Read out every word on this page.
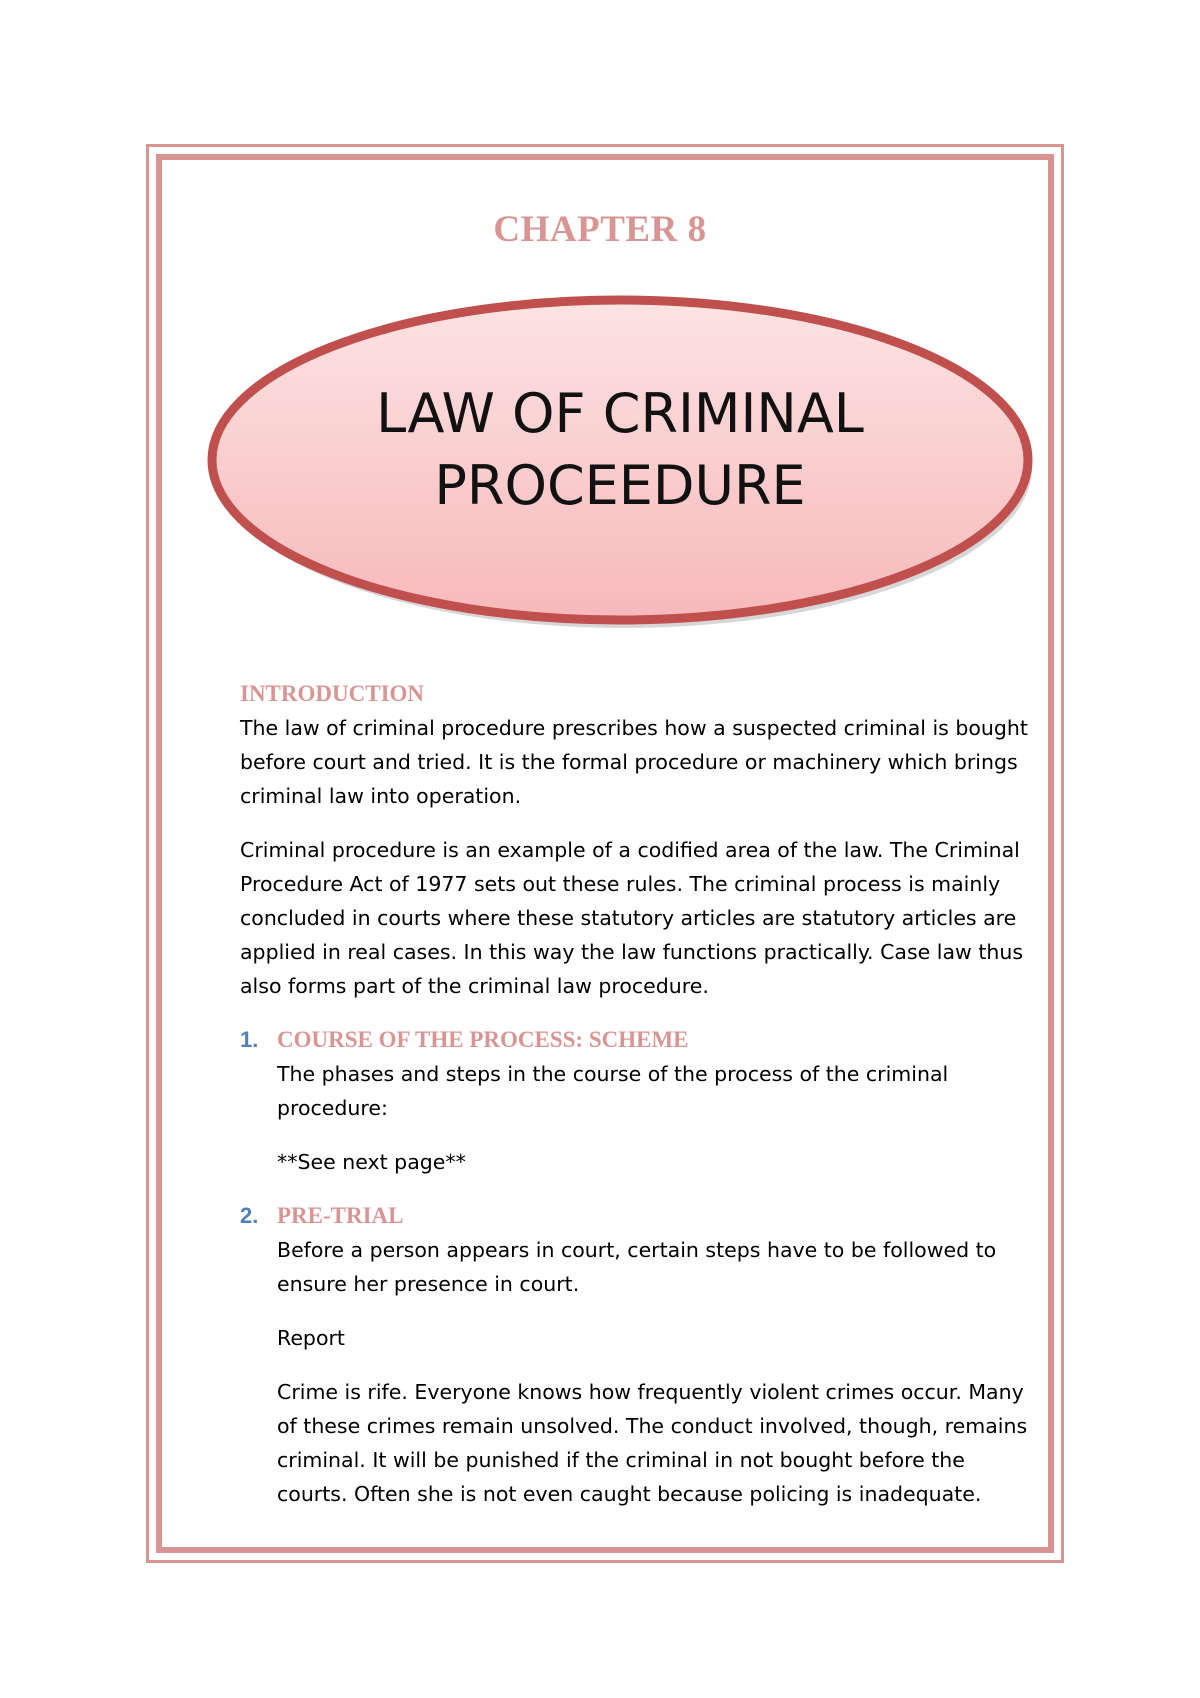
CHAPTER 8
LAW OF CRIMINAL
PROCEEDURE
INTRODUCTION

The law of criminal procedure prescribes how a suspected criminal is bought before court and tried. It is the formal procedure or machinery which brings criminal law into operation.

Criminal procedure is an example of a codified area of the law. The Criminal Procedure Act of 1977 sets out these rules. The criminal process is mainly concluded in courts where these statutory articles are statutory articles are applied in real cases. In this way the law functions practically. Case law thus also forms part of the criminal law procedure.

1. COURSE OF THE PROCESS: SCHEME

The phases and steps in the course of the process of the criminal procedure:

**See next page**

2. PRE-TRIAL

Before a person appears in court, certain steps have to be followed to ensure her presence in court.

Report

Crime is rife. Everyone knows how frequently violent crimes occur. Many of these crimes remain unsolved. The conduct involved, though, remains criminal. It will be punished if the criminal in not bought before the courts. Often she is not even caught because policing is inadequate.
